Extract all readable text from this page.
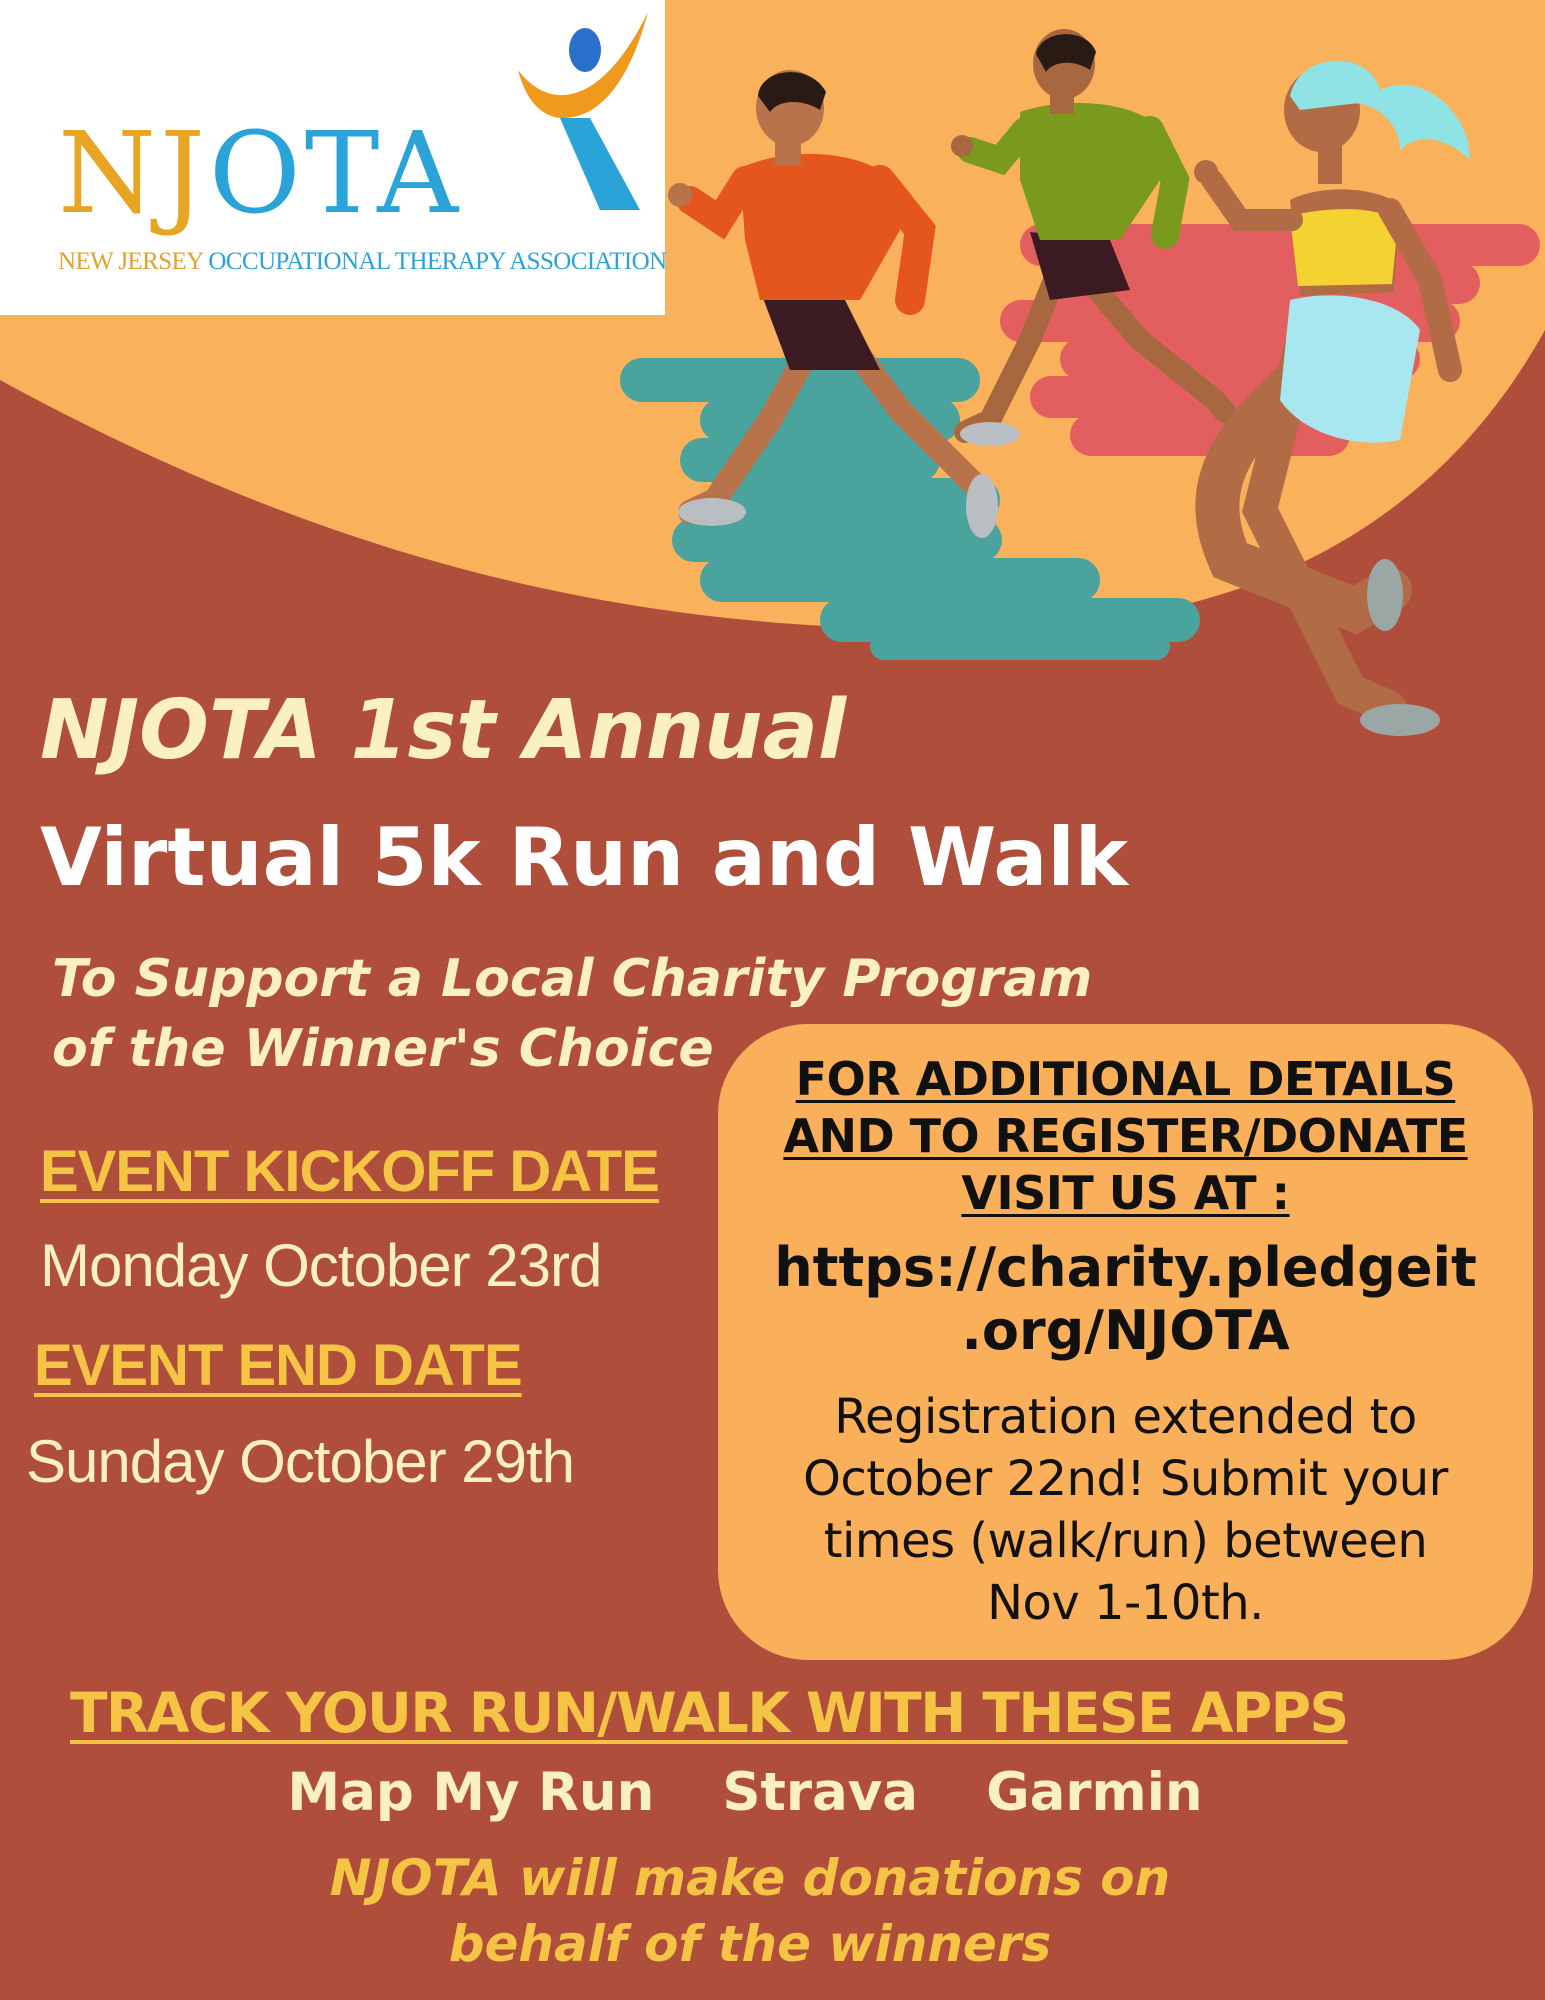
NJOTA
NEW JERSEY OCCUPATIONAL THERAPY ASSOCIATION
NJOTA 1st Annual
Virtual 5k Run and Walk
To Support a Local Charity Program
of the Winner's Choice
EVENT KICKOFF DATE
Monday October 23rd
EVENT END DATE
Sunday October 29th
FOR ADDITIONAL DETAILS
AND TO REGISTER/DONATE
VISIT US AT :
https://charity.pledgeit
.org/NJOTA
Registration extended to
October 22nd! Submit your
times (walk/run) between
Nov 1-10th.
TRACK YOUR RUN/WALK WITH THESE APPS
Map My Run Strava Garmin
NJOTA will make donations on
behalf of the winners
